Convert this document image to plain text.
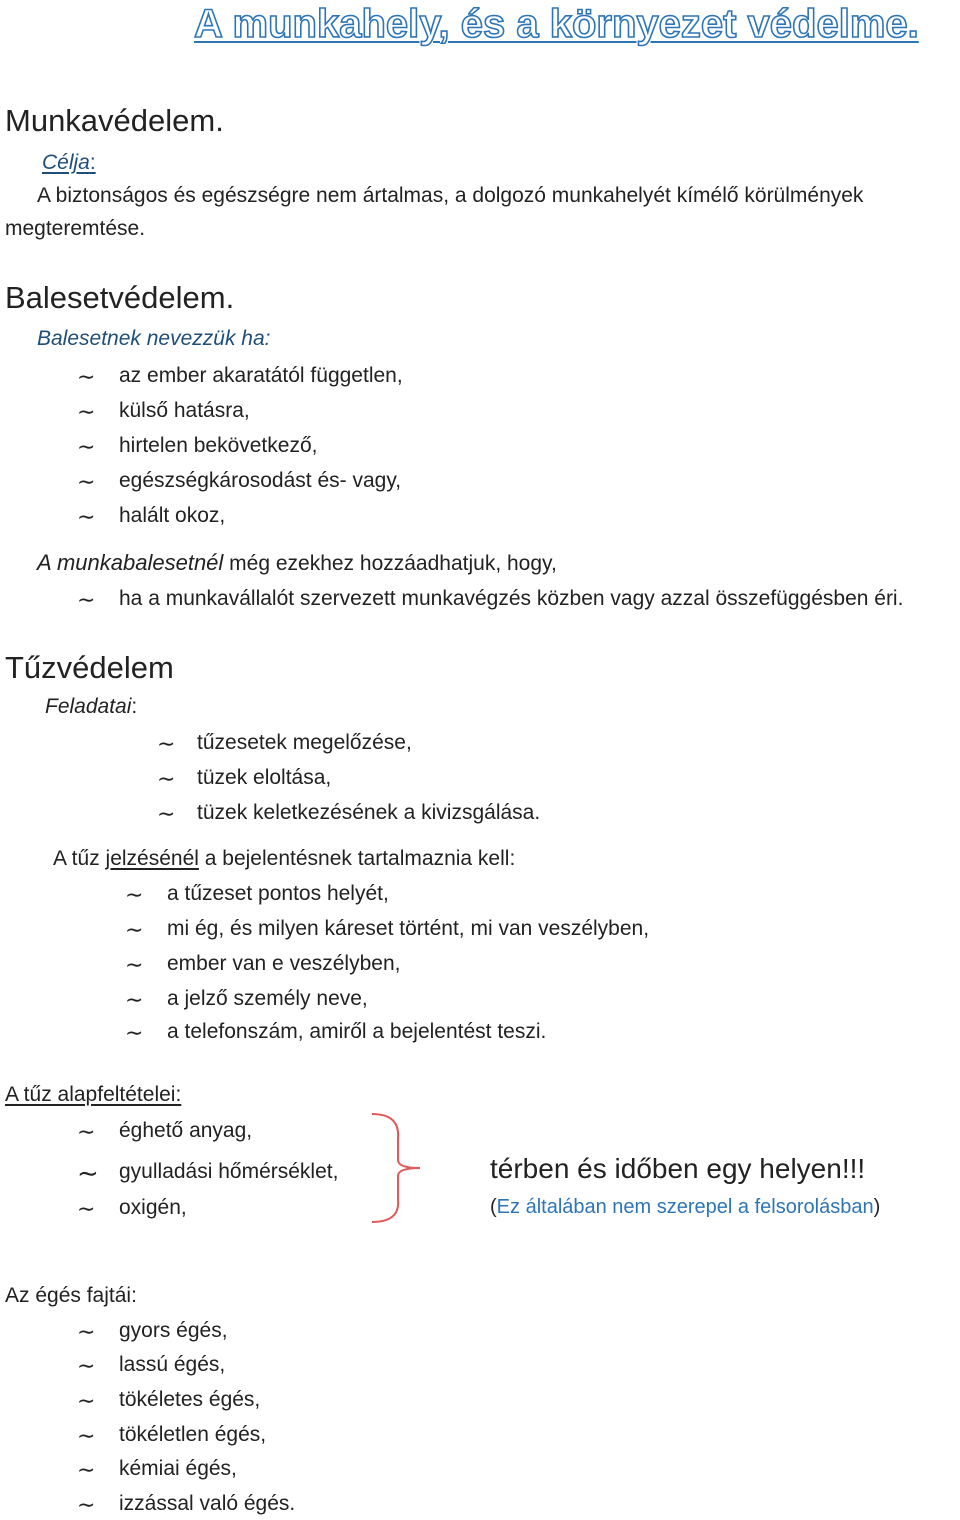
A munkahely, és a környezet védelme.
Munkavédelem.
Célja:
A biztonságos és egészségre nem ártalmas, a dolgozó munkahelyét kímélő körülmények
megteremtése.
Balesetvédelem.
Balesetnek nevezzük ha:
∼ az ember akaratától független,
∼ külső hatásra,
∼ hirtelen bekövetkező,
∼ egészségkárosodást és- vagy,
∼ halált okoz,
A munkabalesetnél még ezekhez hozzáadhatjuk, hogy,
∼ ha a munkavállalót szervezett munkavégzés közben vagy azzal összefüggésben éri.
Tűzvédelem
Feladatai:
∼ tűzesetek megelőzése,
∼ tüzek eloltása,
∼ tüzek keletkezésének a kivizsgálása.
A tűz jelzésénél a bejelentésnek tartalmaznia kell:
∼ a tűzeset pontos helyét,
∼ mi ég, és milyen káreset történt, mi van veszélyben,
∼ ember van e veszélyben,
∼ a jelző személy neve,
∼ a telefonszám, amiről a bejelentést teszi.
A tűz alapfeltételei:
∼ éghető anyag,
∼ gyulladási hőmérséklet,
∼ oxigén,
térben és időben egy helyen!!!
(Ez általában nem szerepel a felsorolásban)
Az égés fajtái:
∼ gyors égés,
∼ lassú égés,
∼ tökéletes égés,
∼ tökéletlen égés,
∼ kémiai égés,
∼ izzással való égés.
